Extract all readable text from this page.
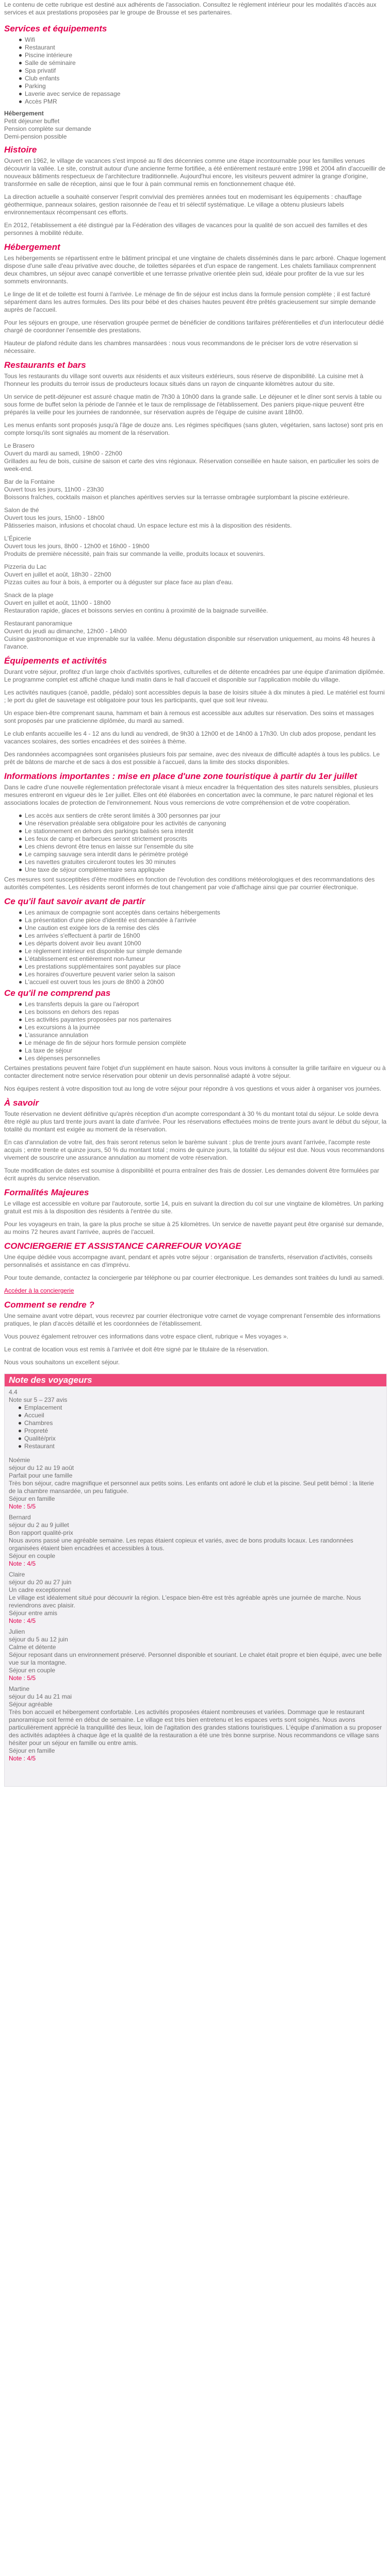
Le contenu de cette rubrique est destiné aux adhérents de l'association. Consultez le règlement intérieur pour les modalités d'accès aux services et aux prestations proposées par le groupe de Brousse et ses partenaires.

Services et équipements
Wifi
Restaurant
Piscine intérieure
Salle de séminaire
Spa privatif
Club enfants
Parking
Laverie avec service de repassage
Accès PMR
Hébergement
Petit déjeuner buffet
Pension complète sur demande
Demi-pension possible
Histoire

Ouvert en 1962, le village de vacances s'est imposé au fil des décennies comme une étape incontournable pour les familles venues découvrir la vallée. Le site, construit autour d'une ancienne ferme fortifiée, a été entièrement restauré entre 1998 et 2004 afin d'accueillir de nouveaux bâtiments respectueux de l'architecture traditionnelle. Aujourd'hui encore, les visiteurs peuvent admirer la grange d'origine, transformée en salle de réception, ainsi que le four à pain communal remis en fonctionnement chaque été.

La direction actuelle a souhaité conserver l'esprit convivial des premières années tout en modernisant les équipements : chauffage géothermique, panneaux solaires, gestion raisonnée de l'eau et tri sélectif systématique. Le village a obtenu plusieurs labels environnementaux récompensant ces efforts.

En 2012, l'établissement a été distingué par la Fédération des villages de vacances pour la qualité de son accueil des familles et des personnes à mobilité réduite.

Hébergement

Les hébergements se répartissent entre le bâtiment principal et une vingtaine de chalets disséminés dans le parc arboré. Chaque logement dispose d'une salle d'eau privative avec douche, de toilettes séparées et d'un espace de rangement. Les chalets familiaux comprennent deux chambres, un séjour avec canapé convertible et une terrasse privative orientée plein sud, idéale pour profiter de la vue sur les sommets environnants.

Le linge de lit et de toilette est fourni à l'arrivée. Le ménage de fin de séjour est inclus dans la formule pension complète ; il est facturé séparément dans les autres formules. Des lits pour bébé et des chaises hautes peuvent être prêtés gracieusement sur simple demande auprès de l'accueil.

Pour les séjours en groupe, une réservation groupée permet de bénéficier de conditions tarifaires préférentielles et d'un interlocuteur dédié chargé de coordonner l'ensemble des prestations.

Hauteur de plafond réduite dans les chambres mansardées : nous vous recommandons de le préciser lors de votre réservation si nécessaire.

Restaurants et bars

Tous les restaurants du village sont ouverts aux résidents et aux visiteurs extérieurs, sous réserve de disponibilité. La cuisine met à l'honneur les produits du terroir issus de producteurs locaux situés dans un rayon de cinquante kilomètres autour du site.

Un service de petit-déjeuner est assuré chaque matin de 7h30 à 10h00 dans la grande salle. Le déjeuner et le dîner sont servis à table ou sous forme de buffet selon la période de l'année et le taux de remplissage de l'établissement. Des paniers pique-nique peuvent être préparés la veille pour les journées de randonnée, sur réservation auprès de l'équipe de cuisine avant 18h00.

Les menus enfants sont proposés jusqu'à l'âge de douze ans. Les régimes spécifiques (sans gluten, végétarien, sans lactose) sont pris en compte lorsqu'ils sont signalés au moment de la réservation.

Le Brasero
Ouvert du mardi au samedi, 19h00 - 22h00
Grillades au feu de bois, cuisine de saison et carte des vins régionaux. Réservation conseillée en haute saison, en particulier les soirs de week-end.
Bar de la Fontaine
Ouvert tous les jours, 11h00 - 23h30
Boissons fraîches, cocktails maison et planches apéritives servies sur la terrasse ombragée surplombant la piscine extérieure.
Salon de thé
Ouvert tous les jours, 15h00 - 18h00
Pâtisseries maison, infusions et chocolat chaud. Un espace lecture est mis à la disposition des résidents.
L'Épicerie
Ouvert tous les jours, 8h00 - 12h00 et 16h00 - 19h00
Produits de première nécessité, pain frais sur commande la veille, produits locaux et souvenirs.
Pizzeria du Lac
Ouvert en juillet et août, 18h30 - 22h00
Pizzas cuites au four à bois, à emporter ou à déguster sur place face au plan d'eau.
Snack de la plage
Ouvert en juillet et août, 11h00 - 18h00
Restauration rapide, glaces et boissons servies en continu à proximité de la baignade surveillée.
Restaurant panoramique
Ouvert du jeudi au dimanche, 12h00 - 14h00
Cuisine gastronomique et vue imprenable sur la vallée. Menu dégustation disponible sur réservation uniquement, au moins 48 heures à l'avance.
Équipements et activités

Durant votre séjour, profitez d'un large choix d'activités sportives, culturelles et de détente encadrées par une équipe d'animation diplômée. Le programme complet est affiché chaque lundi matin dans le hall d'accueil et disponible sur l'application mobile du village.

Les activités nautiques (canoë, paddle, pédalo) sont accessibles depuis la base de loisirs située à dix minutes à pied. Le matériel est fourni ; le port du gilet de sauvetage est obligatoire pour tous les participants, quel que soit leur niveau.

Un espace bien-être comprenant sauna, hammam et bain à remous est accessible aux adultes sur réservation. Des soins et massages sont proposés par une praticienne diplômée, du mardi au samedi.

Le club enfants accueille les 4 - 12 ans du lundi au vendredi, de 9h30 à 12h00 et de 14h00 à 17h30. Un club ados propose, pendant les vacances scolaires, des sorties encadrées et des soirées à thème.

Des randonnées accompagnées sont organisées plusieurs fois par semaine, avec des niveaux de difficulté adaptés à tous les publics. Le prêt de bâtons de marche et de sacs à dos est possible à l'accueil, dans la limite des stocks disponibles.

Informations importantes : mise en place d'une zone touristique à partir du 1er juillet

Dans le cadre d'une nouvelle réglementation préfectorale visant à mieux encadrer la fréquentation des sites naturels sensibles, plusieurs mesures entreront en vigueur dès le 1er juillet. Elles ont été élaborées en concertation avec la commune, le parc naturel régional et les associations locales de protection de l'environnement. Nous vous remercions de votre compréhension et de votre coopération.

Les accès aux sentiers de crête seront limités à 300 personnes par jour
Une réservation préalable sera obligatoire pour les activités de canyoning
Le stationnement en dehors des parkings balisés sera interdit
Les feux de camp et barbecues seront strictement proscrits
Les chiens devront être tenus en laisse sur l'ensemble du site
Le camping sauvage sera interdit dans le périmètre protégé
Les navettes gratuites circuleront toutes les 30 minutes
Une taxe de séjour complémentaire sera appliquée

Ces mesures sont susceptibles d'être modifiées en fonction de l'évolution des conditions météorologiques et des recommandations des autorités compétentes. Les résidents seront informés de tout changement par voie d'affichage ainsi que par courrier électronique.

Ce qu'il faut savoir avant de partir
Les animaux de compagnie sont acceptés dans certains hébergements
La présentation d'une pièce d'identité est demandée à l'arrivée
Une caution est exigée lors de la remise des clés
Les arrivées s'effectuent à partir de 16h00
Les départs doivent avoir lieu avant 10h00
Le règlement intérieur est disponible sur simple demande
L'établissement est entièrement non-fumeur
Les prestations supplémentaires sont payables sur place
Les horaires d'ouverture peuvent varier selon la saison
L'accueil est ouvert tous les jours de 8h00 à 20h00
Ce qu'il ne comprend pas
Les transferts depuis la gare ou l'aéroport
Les boissons en dehors des repas
Les activités payantes proposées par nos partenaires
Les excursions à la journée
L'assurance annulation
Le ménage de fin de séjour hors formule pension complète
La taxe de séjour
Les dépenses personnelles

Certaines prestations peuvent faire l'objet d'un supplément en haute saison. Nous vous invitons à consulter la grille tarifaire en vigueur ou à contacter directement notre service réservation pour obtenir un devis personnalisé adapté à votre séjour.

Nos équipes restent à votre disposition tout au long de votre séjour pour répondre à vos questions et vous aider à organiser vos journées.

À savoir

Toute réservation ne devient définitive qu'après réception d'un acompte correspondant à 30 % du montant total du séjour. Le solde devra être réglé au plus tard trente jours avant la date d'arrivée. Pour les réservations effectuées moins de trente jours avant le début du séjour, la totalité du montant est exigée au moment de la réservation.

En cas d'annulation de votre fait, des frais seront retenus selon le barème suivant : plus de trente jours avant l'arrivée, l'acompte reste acquis ; entre trente et quinze jours, 50 % du montant total ; moins de quinze jours, la totalité du séjour est due. Nous vous recommandons vivement de souscrire une assurance annulation au moment de votre réservation.

Toute modification de dates est soumise à disponibilité et pourra entraîner des frais de dossier. Les demandes doivent être formulées par écrit auprès du service réservation.

Formalités Majeures

Le village est accessible en voiture par l'autoroute, sortie 14, puis en suivant la direction du col sur une vingtaine de kilomètres. Un parking gratuit est mis à la disposition des résidents à l'entrée du site.

Pour les voyageurs en train, la gare la plus proche se situe à 25 kilomètres. Un service de navette payant peut être organisé sur demande, au moins 72 heures avant l'arrivée, auprès de l'accueil.

CONCIERGERIE ET ASSISTANCE CARREFOUR VOYAGE

Une équipe dédiée vous accompagne avant, pendant et après votre séjour : organisation de transferts, réservation d'activités, conseils personnalisés et assistance en cas d'imprévu.

Pour toute demande, contactez la conciergerie par téléphone ou par courrier électronique. Les demandes sont traitées du lundi au samedi.

Accéder à la conciergerie

Comment se rendre ?

Une semaine avant votre départ, vous recevrez par courrier électronique votre carnet de voyage comprenant l'ensemble des informations pratiques, le plan d'accès détaillé et les coordonnées de l'établissement.

Vous pouvez également retrouver ces informations dans votre espace client, rubrique « Mes voyages ».

Le contrat de location vous est remis à l'arrivée et doit être signé par le titulaire de la réservation.

Nous vous souhaitons un excellent séjour.

Note des voyageurs
4.4
Note sur 5 – 237 avis
Emplacement
Accueil
Chambres
Propreté
Qualité/prix
Restaurant
Noémie
séjour du 12 au 19 août
Parfait pour une famille
Très bon séjour, cadre magnifique et personnel aux petits soins. Les enfants ont adoré le club et la piscine. Seul petit bémol : la literie de la chambre mansardée, un peu fatiguée.
Séjour en famille
Note : 5/5
Bernard
séjour du 2 au 9 juillet
Bon rapport qualité-prix
Nous avons passé une agréable semaine. Les repas étaient copieux et variés, avec de bons produits locaux. Les randonnées organisées étaient bien encadrées et accessibles à tous.
Séjour en couple
Note : 4/5
Claire
séjour du 20 au 27 juin
Un cadre exceptionnel
Le village est idéalement situé pour découvrir la région. L'espace bien-être est très agréable après une journée de marche. Nous reviendrons avec plaisir.
Séjour entre amis
Note : 4/5
Julien
séjour du 5 au 12 juin
Calme et détente
Séjour reposant dans un environnement préservé. Personnel disponible et souriant. Le chalet était propre et bien équipé, avec une belle vue sur la montagne.
Séjour en couple
Note : 5/5
Martine
séjour du 14 au 21 mai
Séjour agréable
Très bon accueil et hébergement confortable. Les activités proposées étaient nombreuses et variées. Dommage que le restaurant panoramique soit fermé en début de semaine. Le village est très bien entretenu et les espaces verts sont soignés. Nous avons particulièrement apprécié la tranquillité des lieux, loin de l'agitation des grandes stations touristiques. L'équipe d'animation a su proposer des activités adaptées à chaque âge et la qualité de la restauration a été une très bonne surprise. Nous recommandons ce village sans hésiter pour un séjour en famille ou entre amis.
Séjour en famille
Note : 4/5
